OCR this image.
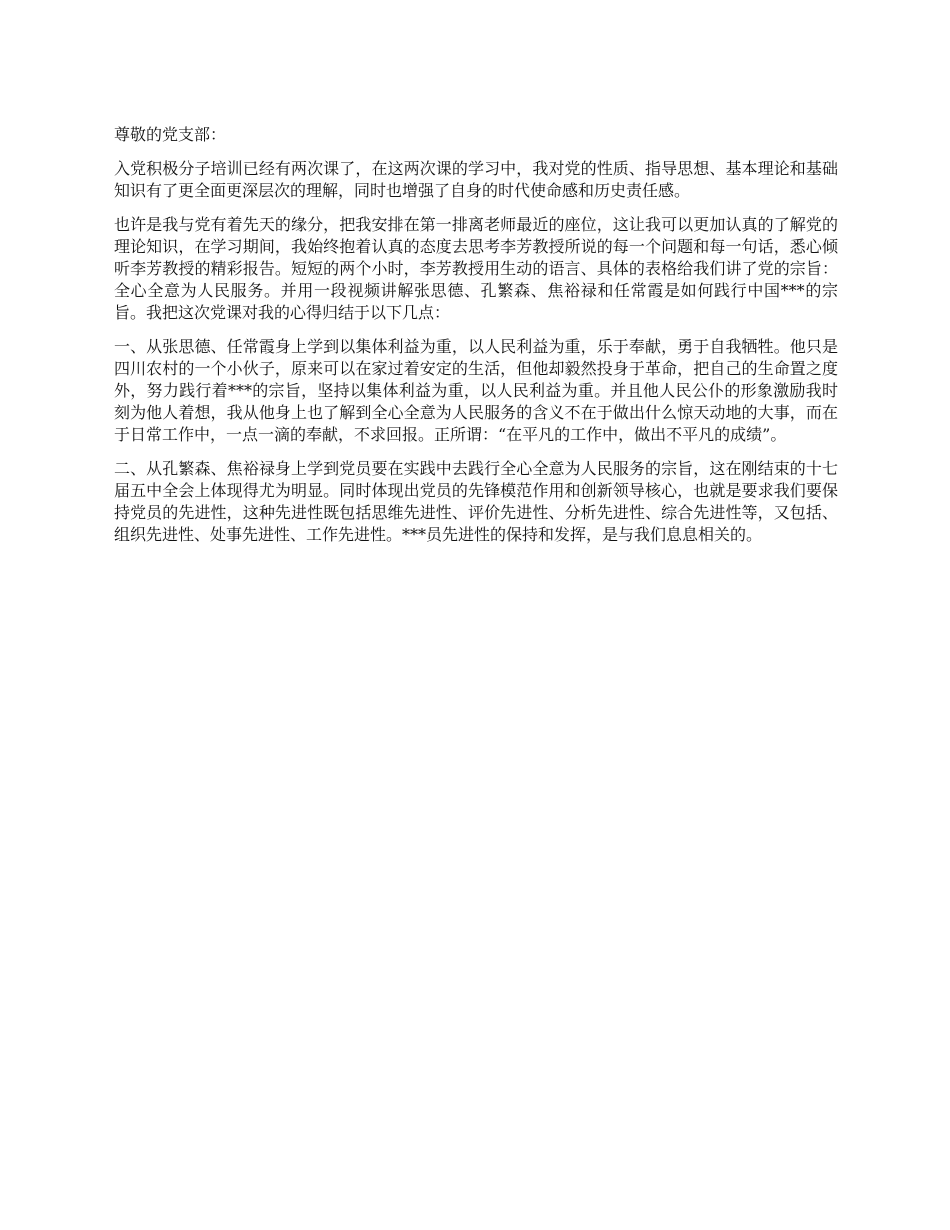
尊敬的党支部：

入党积极分子培训已经有两次课了，在这两次课的学习中，我对党的性质、指导思想、基本理论和基础知识有了更全面更深层次的理解，同时也增强了自身的时代使命感和历史责任感。

也许是我与党有着先天的缘分，把我安排在第一排离老师最近的座位，这让我可以更加认真的了解党的理论知识，在学习期间，我始终抱着认真的态度去思考李芳教授所说的每一个问题和每一句话，悉心倾听李芳教授的精彩报告。短短的两个小时，李芳教授用生动的语言、具体的表格给我们讲了党的宗旨：全心全意为人民服务。并用一段视频讲解张思德、孔繁森、焦裕禄和任常霞是如何践行中国***的宗旨。我把这次党课对我的心得归结于以下几点：

一、从张思德、任常霞身上学到以集体利益为重，以人民利益为重，乐于奉献，勇于自我牺牲。他只是四川农村的一个小伙子，原来可以在家过着安定的生活，但他却毅然投身于革命，把自己的生命置之度外，努力践行着***的宗旨，坚持以集体利益为重，以人民利益为重。并且他人民公仆的形象激励我时刻为他人着想，我从他身上也了解到全心全意为人民服务的含义不在于做出什么惊天动地的大事，而在于日常工作中，一点一滴的奉献，不求回报。正所谓：“在平凡的工作中，做出不平凡的成绩”。

二、从孔繁森、焦裕禄身上学到党员要在实践中去践行全心全意为人民服务的宗旨，这在刚结束的十七届五中全会上体现得尤为明显。同时体现出党员的先锋模范作用和创新领导核心，也就是要求我们要保持党员的先进性，这种先进性既包括思维先进性、评价先进性、分析先进性、综合先进性等，又包括、组织先进性、处事先进性、工作先进性。***员先进性的保持和发挥，是与我们息息相关的。
